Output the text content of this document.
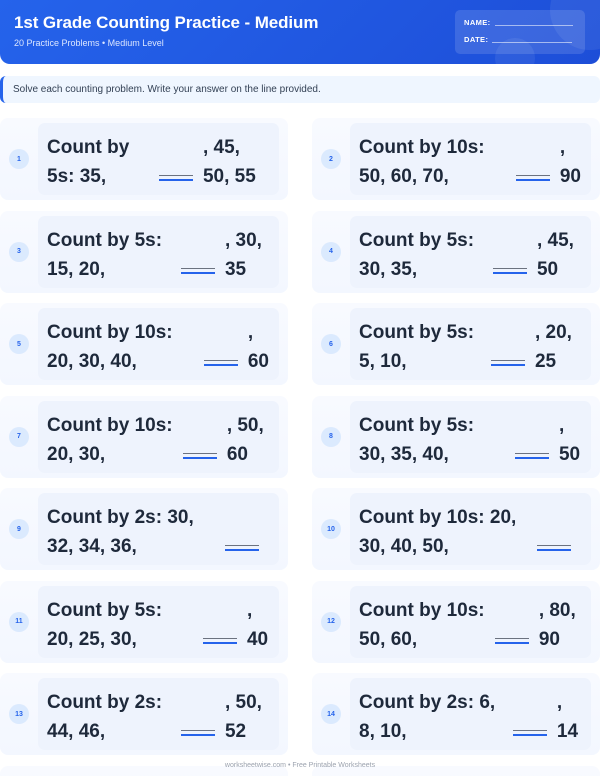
1st Grade Counting Practice - Medium
20 Practice Problems • Medium Level
NAME:
DATE:
Solve each counting problem. Write your answer on the line provided.
1
Count by 5s: 35,
, 45, 50, 55
2
Count by 10s: 50, 60, 70,
, 90
3
Count by 5s: 15, 20,
, 30, 35
4
Count by 5s: 30, 35,
, 45, 50
5
Count by 10s: 20, 30, 40,
, 60
6
Count by 5s: 5, 10,
, 20, 25
7
Count by 10s: 20, 30,
, 50, 60
8
Count by 5s: 30, 35, 40,
, 50
9
Count by 2s: 30, 32, 34, 36,
10
Count by 10s: 20, 30, 40, 50,
11
Count by 5s: 20, 25, 30,
, 40
12
Count by 10s: 50, 60,
, 80, 90
13
Count by 2s: 44, 46,
, 50, 52
14
Count by 2s: 6, 8, 10,
, 14
worksheetwise.com • Free Printable Worksheets
